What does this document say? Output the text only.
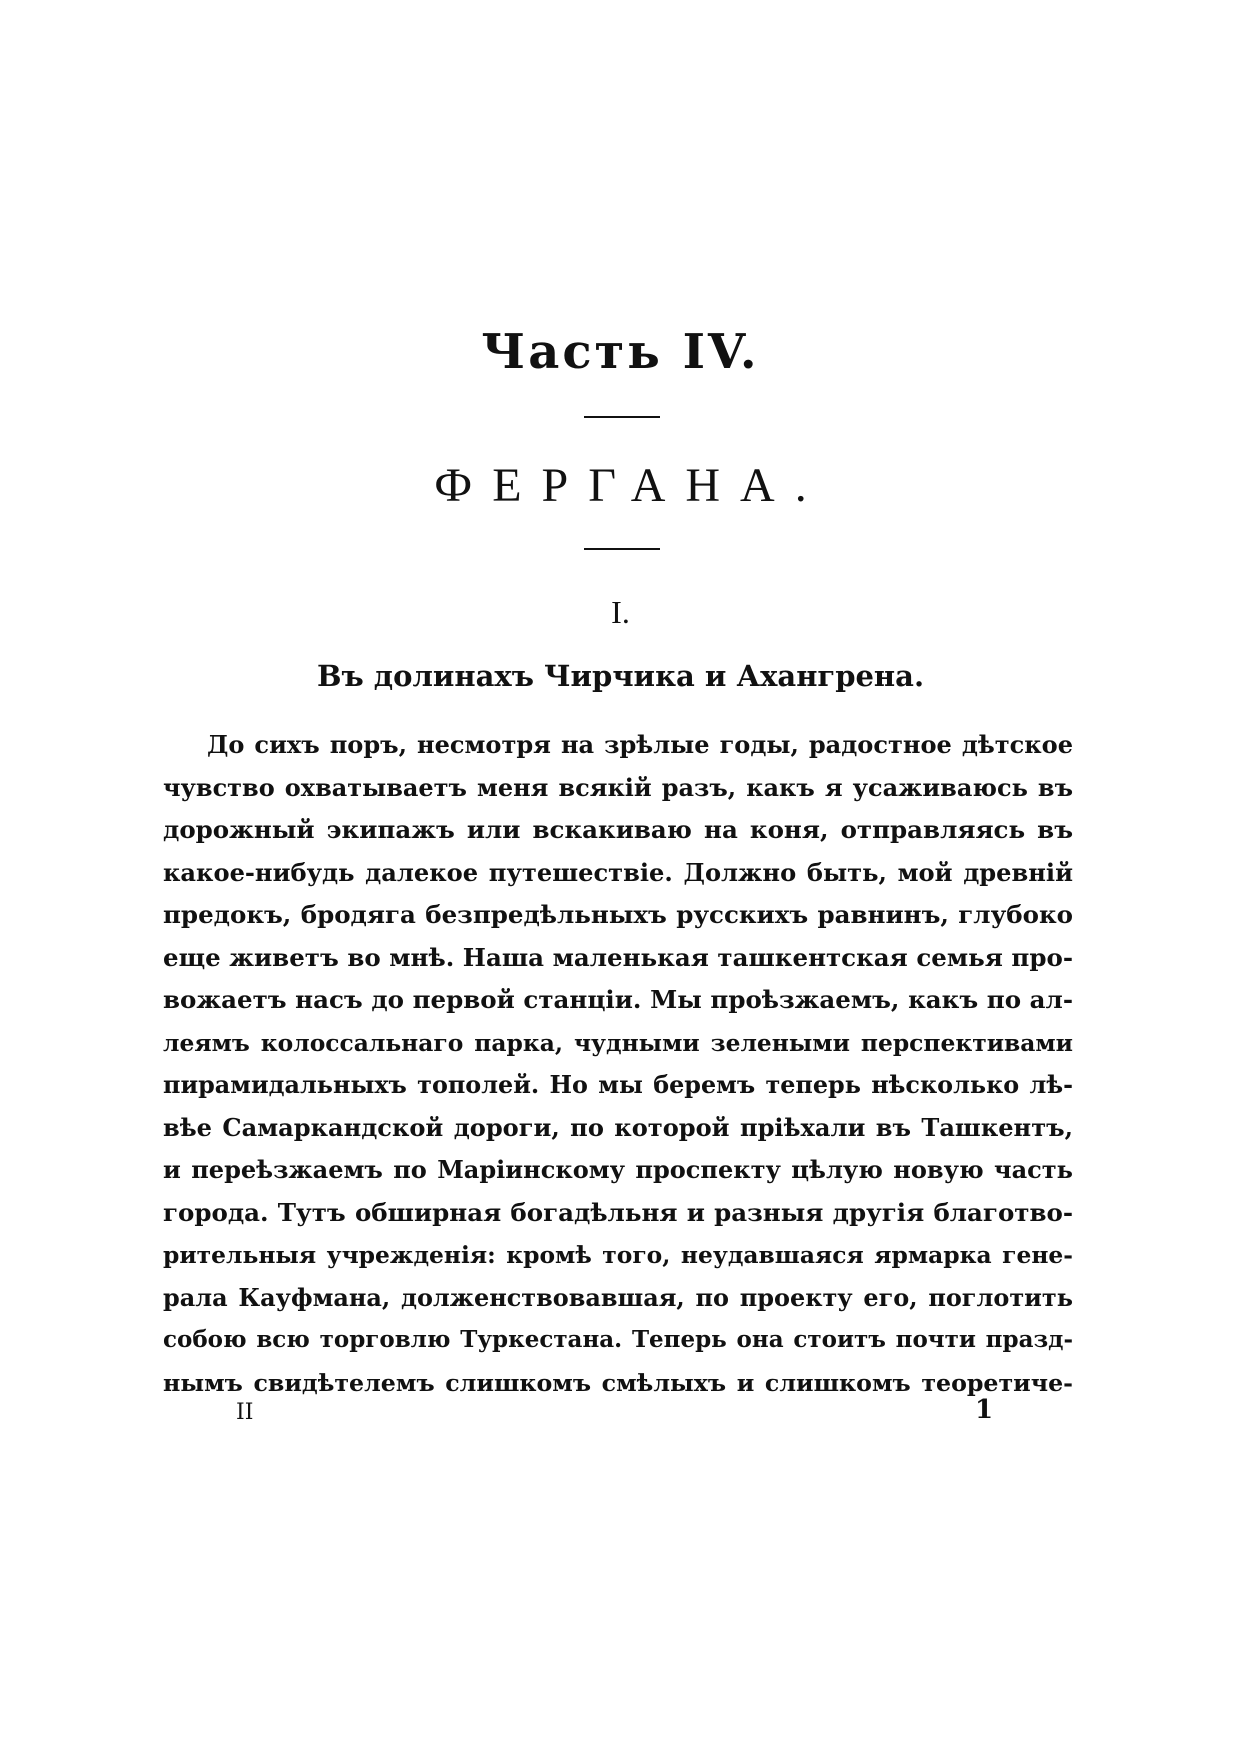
Часть IV.
ФЕРГАНА.
I.
Въ долинахъ Чирчика и Ахангрена.
До сихъ поръ, несмотря на зрѣлые годы, радостное дѣтское
чувство охватываетъ меня всякій разъ, какъ я усаживаюсь въ
дорожный экипажъ или вскакиваю на коня, отправляясь въ
какое-нибудь далекое путешествіе. Должно быть, мой древній
предокъ, бродяга безпредѣльныхъ русскихъ равнинъ, глубоко
еще живетъ во мнѣ. Наша маленькая ташкентская семья про-
вожаетъ насъ до первой станціи. Мы проѣзжаемъ, какъ по ал-
леямъ колоссальнаго парка, чудными зелеными перспективами
пирамидальныхъ тополей. Но мы беремъ теперь нѣсколько лѣ-
вѣе Самаркандской дороги, по которой пріѣхали въ Ташкентъ,
и переѣзжаемъ по Маріинскому проспекту цѣлую новую часть
города. Тутъ обширная богадѣльня и разныя другія благотво-
рительныя учрежденія: кромѣ того, неудавшаяся ярмарка гене-
рала Кауфмана, долженствовавшая, по проекту его, поглотить
собою всю торговлю Туркестана. Теперь она стоитъ почти празд-
нымъ свидѣтелемъ слишкомъ смѣлыхъ и слишкомъ теоретиче-
II	1
